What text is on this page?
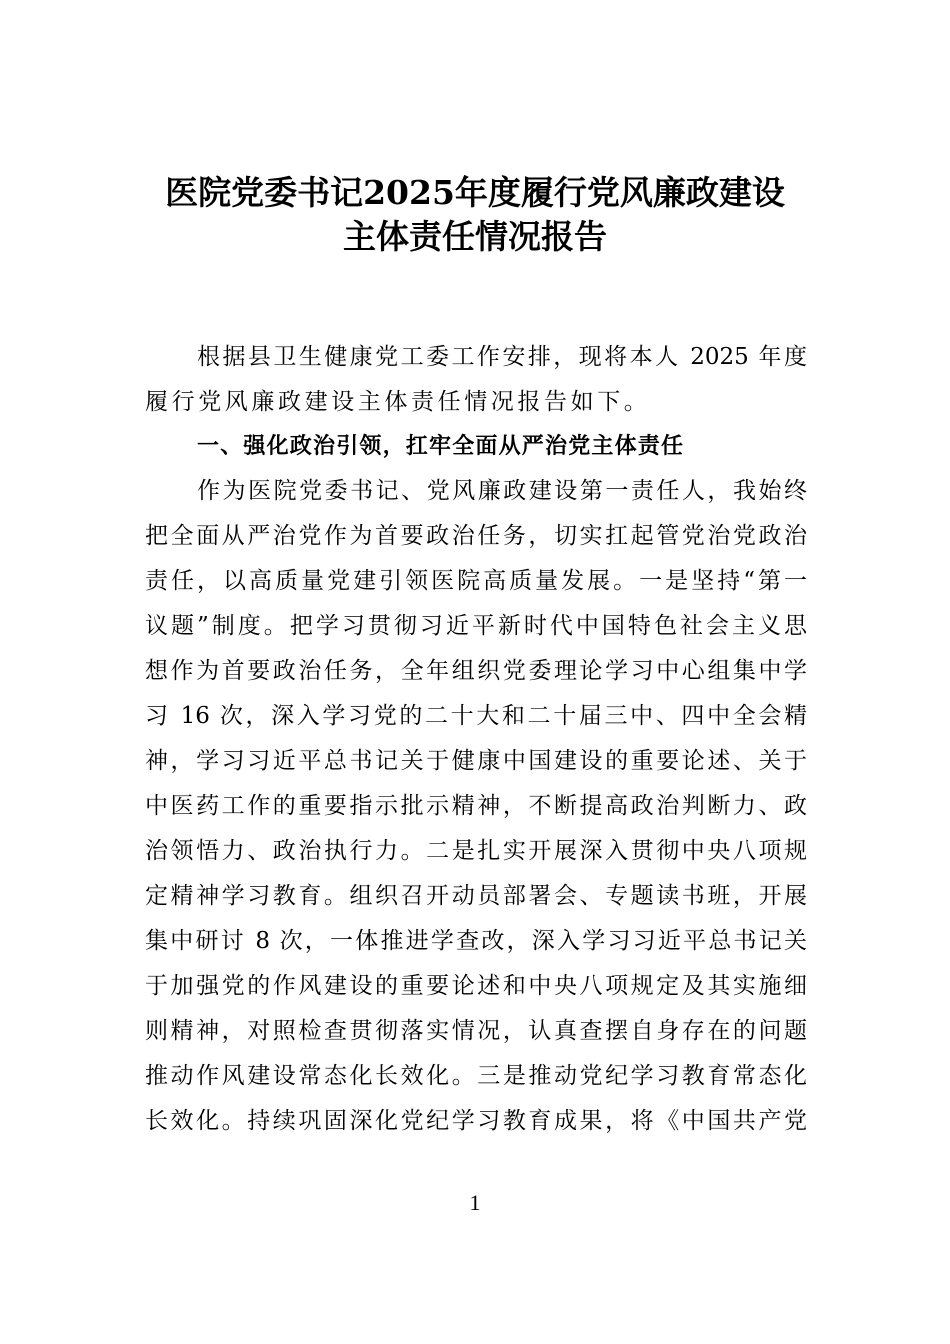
医院党委书记2025年度履行党风廉政建设
主体责任情况报告
根据县卫生健康党工委工作安排，现将本人 2025 年度
履行党风廉政建设主体责任情况报告如下。
一、强化政治引领，扛牢全面从严治党主体责任
作为医院党委书记、党风廉政建设第一责任人，我始终
把全面从严治党作为首要政治任务，切实扛起管党治党政治
责任，以高质量党建引领医院高质量发展。一是坚持“第一
议题”制度。把学习贯彻习近平新时代中国特色社会主义思
想作为首要政治任务，全年组织党委理论学习中心组集中学
习 16 次，深入学习党的二十大和二十届三中、四中全会精
神，学习习近平总书记关于健康中国建设的重要论述、关于
中医药工作的重要指示批示精神，不断提高政治判断力、政
治领悟力、政治执行力。二是扎实开展深入贯彻中央八项规
定精神学习教育。组织召开动员部署会、专题读书班，开展
集中研讨 8 次，一体推进学查改，深入学习习近平总书记关
于加强党的作风建设的重要论述和中央八项规定及其实施细
则精神，对照检查贯彻落实情况，认真查摆自身存在的问题
推动作风建设常态化长效化。三是推动党纪学习教育常态化
长效化。持续巩固深化党纪学习教育成果，将《中国共产党
1
